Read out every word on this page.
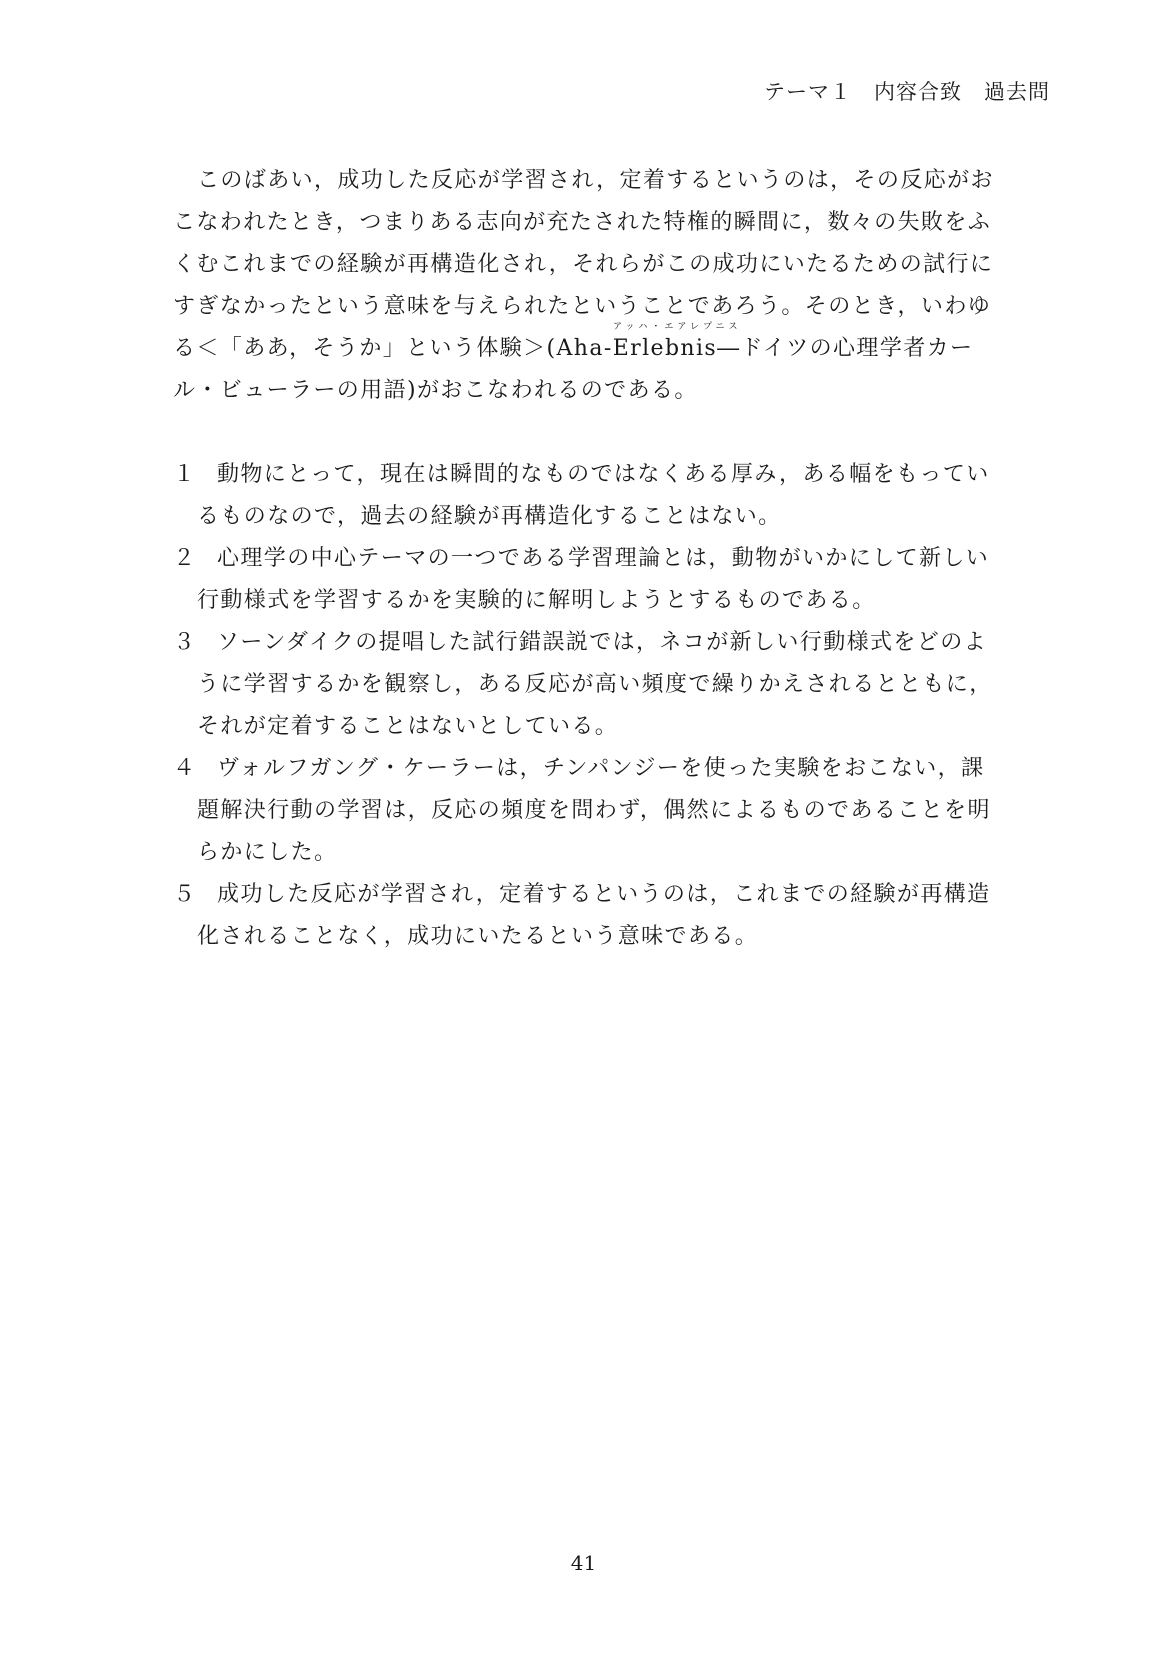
テーマ１　内容合致　過去問
このばあい，成功した反応が学習され，定着するというのは，その反応がお
こなわれたとき，つまりある志向が充たされた特権的瞬間に，数々の失敗をふ
くむこれまでの経験が再構造化され，それらがこの成功にいたるための試行に
すぎなかったという意味を与えられたということであろう。そのとき，いわゆ
アッハ・エアレプニス
る＜「ああ，そうか」という体験＞(Aha-Erlebnis―ドイツの心理学者カー
ル・ビューラーの用語)がおこなわれるのである。
１ 動物にとって，現在は瞬間的なものではなくある厚み，ある幅をもってい
るものなので，過去の経験が再構造化することはない。
２ 心理学の中心テーマの一つである学習理論とは，動物がいかにして新しい
行動様式を学習するかを実験的に解明しようとするものである。
３ ソーンダイクの提唱した試行錯誤説では，ネコが新しい行動様式をどのよ
うに学習するかを観察し，ある反応が高い頻度で繰りかえされるとともに，
それが定着することはないとしている。
４ ヴォルフガング・ケーラーは，チンパンジーを使った実験をおこない，課
題解決行動の学習は，反応の頻度を問わず，偶然によるものであることを明
らかにした。
５ 成功した反応が学習され，定着するというのは，これまでの経験が再構造
化されることなく，成功にいたるという意味である。
41
